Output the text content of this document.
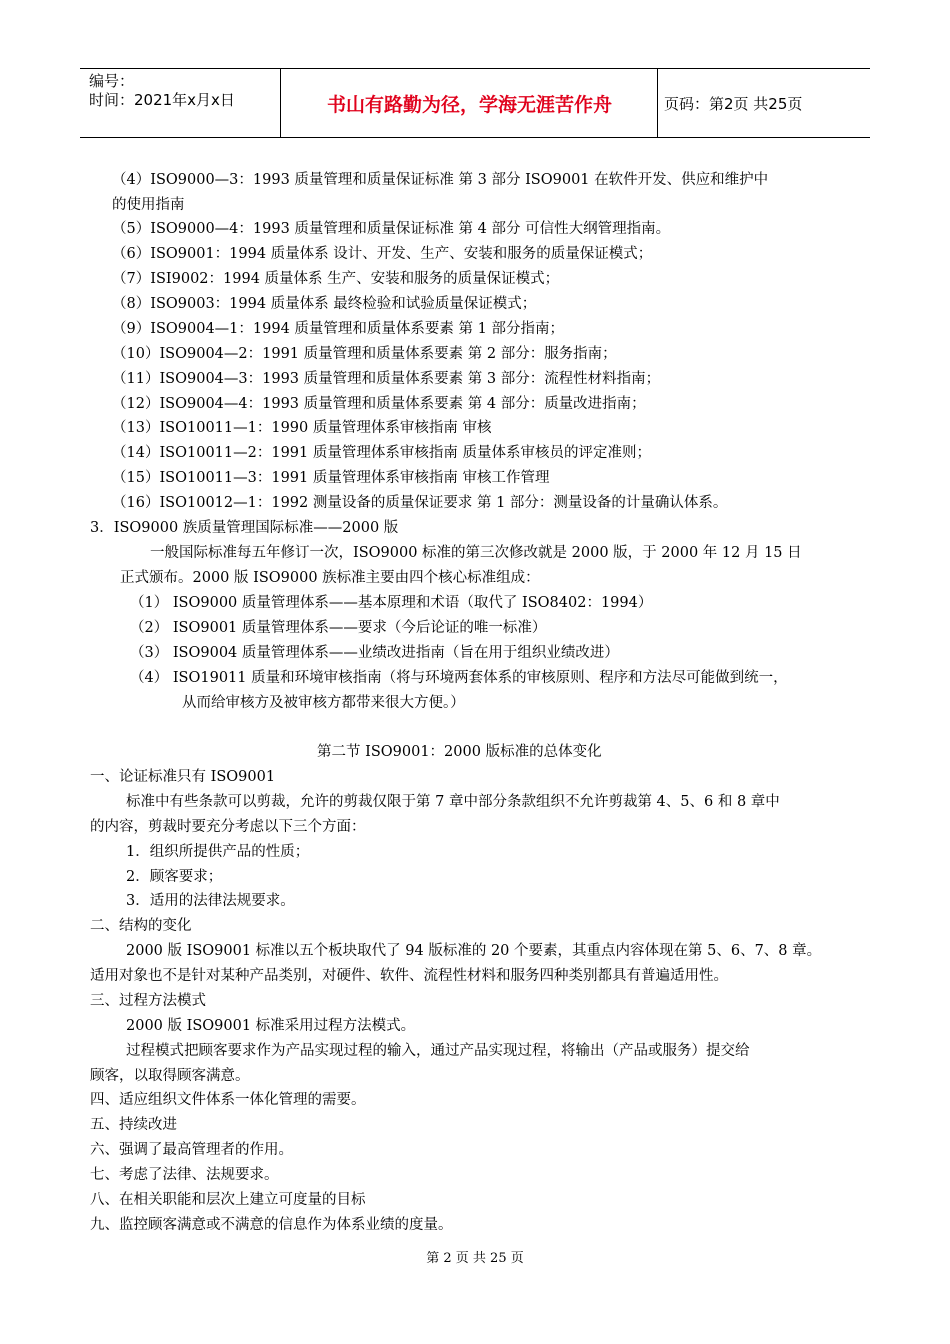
编号：
时间：2021年x月x日	书山有路勤为径，学海无涯苦作舟	页码：第2页 共25页
（4）ISO9000—3：1993 质量管理和质量保证标准 第 3 部分 ISO9001 在软件开发、供应和维护中
的使用指南
（5）ISO9000—4：1993 质量管理和质量保证标准 第 4 部分 可信性大纲管理指南。
（6）ISO9001：1994 质量体系 设计、开发、生产、安装和服务的质量保证模式；
（7）ISI9002：1994 质量体系 生产、安装和服务的质量保证模式；
（8）ISO9003：1994 质量体系 最终检验和试验质量保证模式；
（9）ISO9004—1：1994 质量管理和质量体系要素 第 1 部分指南；
（10）ISO9004—2：1991 质量管理和质量体系要素 第 2 部分：服务指南；
（11）ISO9004—3：1993 质量管理和质量体系要素 第 3 部分：流程性材料指南；
（12）ISO9004—4：1993 质量管理和质量体系要素 第 4 部分：质量改进指南；
（13）ISO10011—1：1990 质量管理体系审核指南 审核
（14）ISO10011—2：1991 质量管理体系审核指南 质量体系审核员的评定准则；
（15）ISO10011—3：1991 质量管理体系审核指南 审核工作管理
（16）ISO10012—1：1992 测量设备的质量保证要求 第 1 部分：测量设备的计量确认体系。
3．ISO9000 族质量管理国际标准——2000 版
一般国际标准每五年修订一次，ISO9000 标准的第三次修改就是 2000 版，于 2000 年 12 月 15 日
正式颁布。2000 版 ISO9000 族标准主要由四个核心标准组成：
（1） ISO9000 质量管理体系——基本原理和术语（取代了 ISO8402：1994）
（2） ISO9001 质量管理体系——要求（今后论证的唯一标准）
（3） ISO9004 质量管理体系——业绩改进指南（旨在用于组织业绩改进）
（4） ISO19011 质量和环境审核指南（将与环境两套体系的审核原则、程序和方法尽可能做到统一，
从而给审核方及被审核方都带来很大方便。）
第二节 ISO9001：2000 版标准的总体变化
一、论证标准只有 ISO9001
标准中有些条款可以剪裁，允许的剪裁仅限于第 7 章中部分条款组织不允许剪裁第 4、5、6 和 8 章中
的内容，剪裁时要充分考虑以下三个方面：
1．组织所提供产品的性质；
2．顾客要求；
3．适用的法律法规要求。
二、结构的变化
2000 版 ISO9001 标准以五个板块取代了 94 版标准的 20 个要素，其重点内容体现在第 5、6、7、8 章。
适用对象也不是针对某种产品类别，对硬件、软件、流程性材料和服务四种类别都具有普遍适用性。
三、过程方法模式
2000 版 ISO9001 标准采用过程方法模式。
过程模式把顾客要求作为产品实现过程的输入，通过产品实现过程，将输出（产品或服务）提交给
顾客，以取得顾客满意。
四、适应组织文件体系一体化管理的需要。
五、持续改进
六、强调了最高管理者的作用。
七、考虑了法律、法规要求。
八、在相关职能和层次上建立可度量的目标
九、监控顾客满意或不满意的信息作为体系业绩的度量。
第 2 页 共 25 页
